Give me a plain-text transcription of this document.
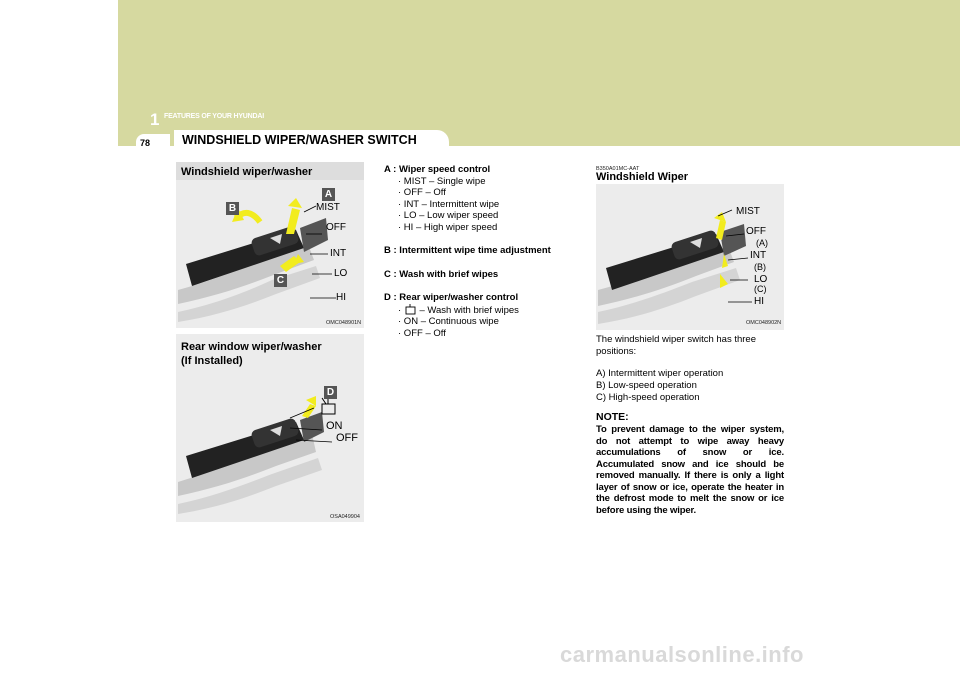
1 FEATURES OF YOUR HYUNDAI
78	WINDSHIELD WIPER/WASHER SWITCH
Windshield wiper/washer
A
B
C
MIST
OFF
INT
LO
HI
OMC048901N
Rear window wiper/washer
(If Installed)
D
ON
OFF
OSA049904
A : Wiper speed control
· MIST – Single wipe
· OFF – Off
· INT – Intermittent wipe
· LO – Low wiper speed
· HI – High wiper speed
B : Intermittent wipe time adjustment
C : Wash with brief wipes
D : Rear wiper/washer control
·  – Wash with brief wipes
· ON – Continuous wipe
· OFF – Off
B350A01MC-AAT
Windshield Wiper
MIST
OFF
(A)
INT
(B)
LO
(C)
HI
OMC048902N
The windshield wiper switch has three positions:
A) Intermittent wiper operation
B) Low-speed operation
C) High-speed operation
NOTE:
To prevent damage to the wiper system, do not attempt to wipe away heavy accumulations of snow or ice. Accumulated snow and ice should be removed manually. If there is only a light layer of snow or ice, operate the heater in the defrost mode to melt the snow or ice before using the wiper.
carmanualsonline.info
